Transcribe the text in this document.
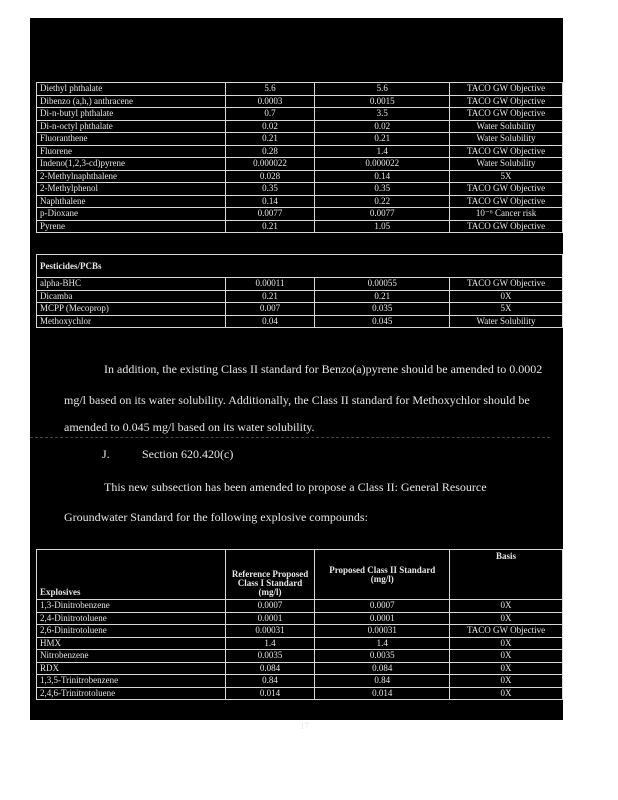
Diethyl phthalate	5.6	5.6	TACO GW Objective
Dibenzo (a,h,) anthracene	0.0003	0.0015	TACO GW Objective
Di-n-butyl phthalate	0.7	3.5	TACO GW Objective
Di-n-octyl phthalate	0.02	0.02	Water Solubility
Fluoranthene	0.21	0.21	Water Solubility
Fluorene	0.28	1.4	TACO GW Objective
Indeno(1,2,3-cd)pyrene	0.000022	0.000022	Water Solubility
2-Methylnaphthalene	0.028	0.14	5X
2-Methylphenol	0.35	0.35	TACO GW Objective
Naphthalene	0.14	0.22	TACO GW Objective
p-Dioxane	0.0077	0.0077	10⁻⁶ Cancer risk
Pyrene	0.21	1.05	TACO GW Objective
Pesticides/PCBs			
alpha-BHC	0.00011	0.00055	TACO GW Objective
Dicamba	0.21	0.21	0X
MCPP (Mecoprop)	0.007	0.035	5X
Methoxychlor	0.04	0.045	Water Solubility

In addition, the existing Class II standard for Benzo(a)pyrene should be amended to 0.0002

mg/l based on its water solubility. Additionally, the Class II standard for Methoxychlor should be

amended to 0.045 mg/l based on its water solubility.

J.	Section 620.420(c)

This new subsection has been amended to propose a Class II: General Resource

Groundwater Standard for the following explosive compounds:

Explosives	Reference Proposed Class I Standard (mg/l)	Proposed Class II Standard (mg/l)	Basis
1,3-Dinitrobenzene	0.0007	0.0007	0X
2,4-Dinitrotoluene	0.0001	0.0001	0X
2,6-Dinitrotoluene	0.00031	0.00031	TACO GW Objective
HMX	1.4	1.4	0X
Nitrobenzene	0.0035	0.0035	0X
RDX	0.084	0.084	0X
1,3,5-Trinitrobenzene	0.84	0.84	0X
2,4,6-Trinitrotoluene	0.014	0.014	0X
17
